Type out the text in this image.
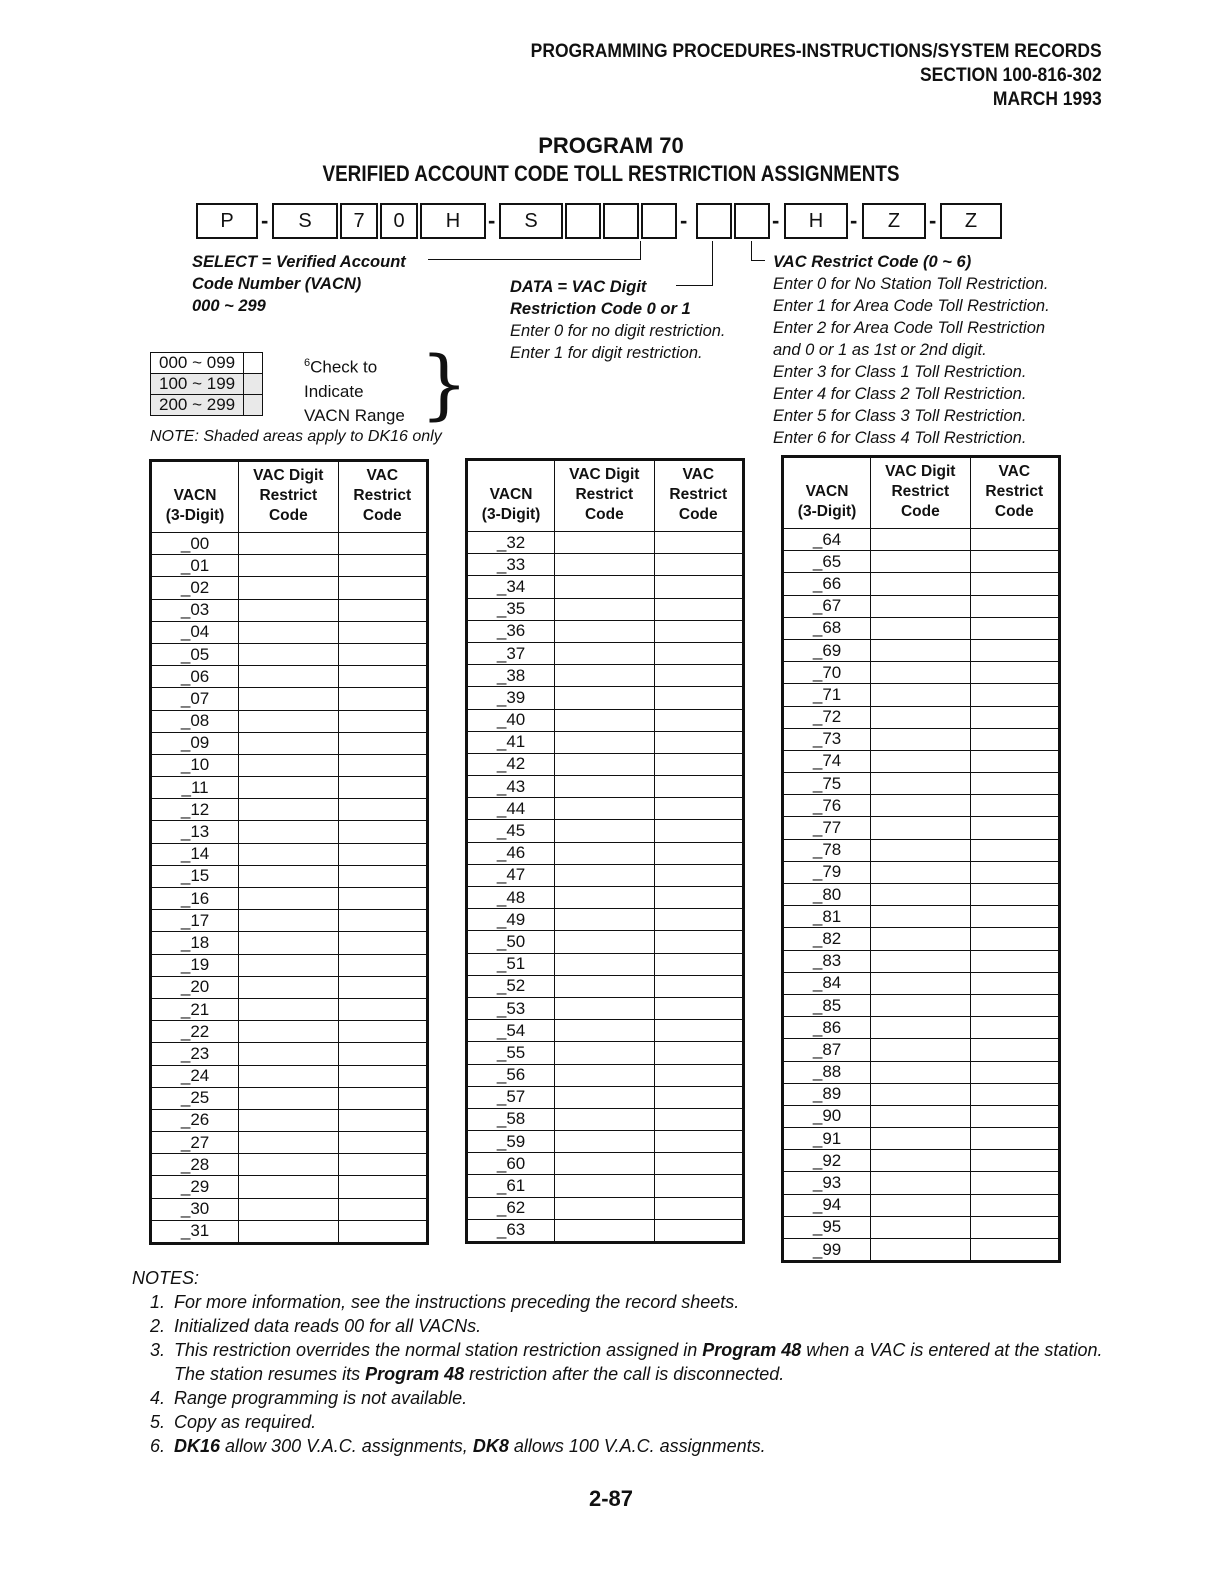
PROGRAMMING PROCEDURES-INSTRUCTIONS/SYSTEM RECORDS
SECTION 100-816-302
MARCH 1993
PROGRAM 70
VERIFIED ACCOUNT CODE TOLL RESTRICTION ASSIGNMENTS
P	-	S	7	0	H	-	S	-	-	H	-	Z	-	Z
SELECT = Verified Account
Code Number (VACN)
000 ~ 299
DATA = VAC Digit
Restriction Code 0 or 1
Enter 0 for no digit restriction.
Enter 1 for digit restriction.
VAC Restrict Code (0 ~ 6)
Enter 0 for No Station Toll Restriction.
Enter 1 for Area Code Toll Restriction.
Enter 2 for Area Code Toll Restriction
and 0 or 1 as 1st or 2nd digit.
Enter 3 for Class 1 Toll Restriction.
Enter 4 for Class 2 Toll Restriction.
Enter 5 for Class 3 Toll Restriction.
Enter 6 for Class 4 Toll Restriction.
000 ~ 099	
100 ~ 199	
200 ~ 299	
$^6$Check to
Indicate
VACN Range }
NOTE: Shaded areas apply to DK16 only
VACN
(3-Digit)	VAC Digit
Restrict
Code	VAC
Restrict
Code
_00		
_01		
_02		
_03		
_04		
_05		
_06		
_07		
_08		
_09		
_10		
_11		
_12		
_13		
_14		
_15		
_16		
_17		
_18		
_19		
_20		
_21		
_22		
_23		
_24		
_25		
_26		
_27		
_28		
_29		
_30		
_31		
VACN
(3-Digit)	VAC Digit
Restrict
Code	VAC
Restrict
Code
_32		
_33		
_34		
_35		
_36		
_37		
_38		
_39		
_40		
_41		
_42		
_43		
_44		
_45		
_46		
_47		
_48		
_49		
_50		
_51		
_52		
_53		
_54		
_55		
_56		
_57		
_58		
_59		
_60		
_61		
_62		
_63		
VACN
(3-Digit)	VAC Digit
Restrict
Code	VAC
Restrict
Code
_64		
_65		
_66		
_67		
_68		
_69		
_70		
_71		
_72		
_73		
_74		
_75		
_76		
_77		
_78		
_79		
_80		
_81		
_82		
_83		
_84		
_85		
_86		
_87		
_88		
_89		
_90		
_91		
_92		
_93		
_94		
_95		
_99		
NOTES:
1. For more information, see the instructions preceding the record sheets.
2. Initialized data reads 00 for all VACNs.
3. This restriction overrides the normal station restriction assigned in Program 48 when a VAC is entered at the station. The station resumes its Program 48 restriction after the call is disconnected.
4. Range programming is not available.
5. Copy as required.
6. DK16 allow 300 V.A.C. assignments, DK8 allows 100 V.A.C. assignments.
2-87
